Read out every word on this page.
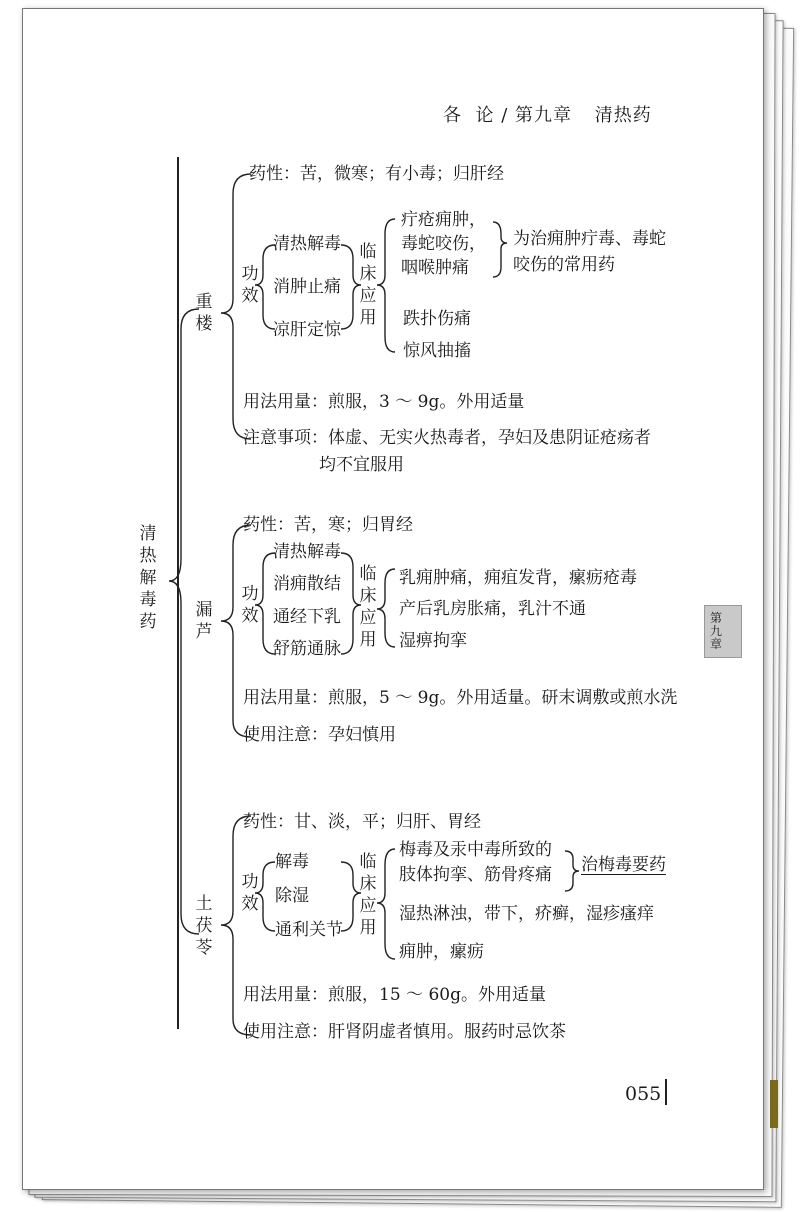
各  论 / 第九章 清热药
第九章
清热解毒药
重楼
药性：苦，微寒；有小毒；归肝经
功效
清热解毒
消肿止痛
凉肝定惊
临床应用
疔疮痈肿，
毒蛇咬伤，
咽喉肿痛
为治痈肿疔毒、毒蛇
咬伤的常用药
跌扑伤痛
惊风抽搐
用法用量：煎服，3 ～ 9g。外用适量
注意事项：体虚、无实火热毒者，孕妇及患阴证疮疡者
均不宜服用
漏芦
药性：苦，寒；归胃经
功效
清热解毒
消痈散结
通经下乳
舒筋通脉
临床应用
乳痈肿痛，痈疽发背，瘰疬疮毒
产后乳房胀痛，乳汁不通
湿痹拘挛
用法用量：煎服，5 ～ 9g。外用适量。研末调敷或煎水洗
使用注意：孕妇慎用
土茯苓
药性：甘、淡，平；归肝、胃经
功效
解毒
除湿
通利关节
临床应用
梅毒及汞中毒所致的
肢体拘挛、筋骨疼痛 治梅毒要药
湿热淋浊，带下，疥癣，湿疹瘙痒
痈肿，瘰疬
用法用量：煎服，15 ～ 60g。外用适量
使用注意：肝肾阴虚者慎用。服药时忌饮茶
055
